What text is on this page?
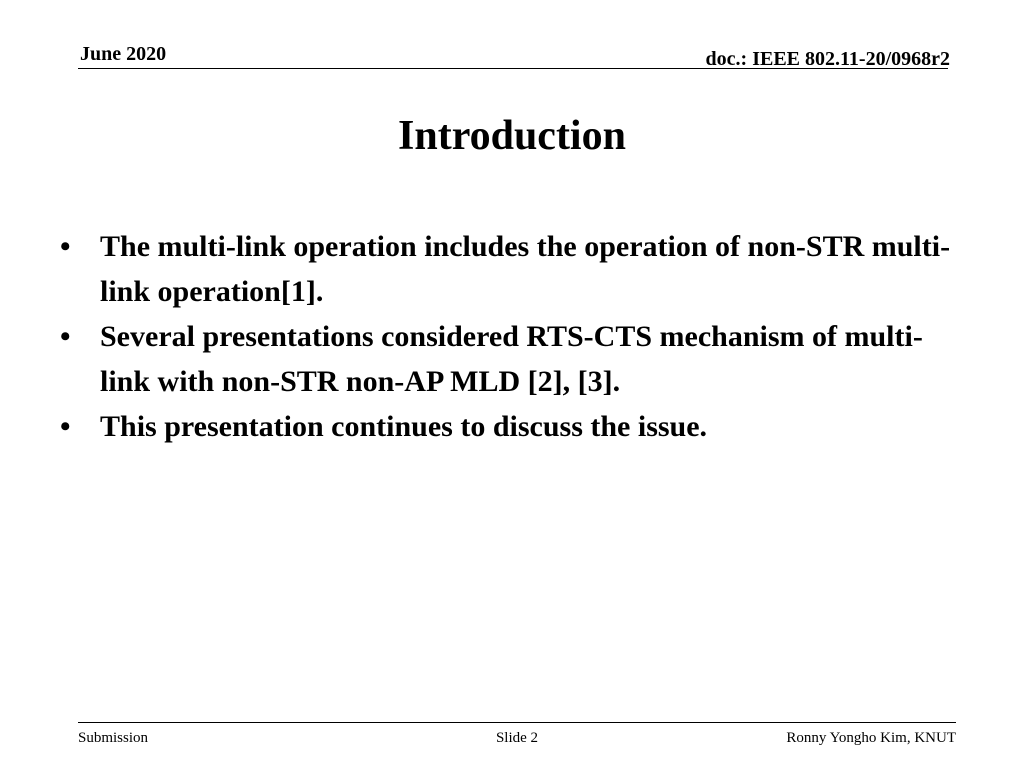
June 2020	doc.: IEEE 802.11-20/0968r2
Introduction
• The multi-link operation includes the operation of non-STR multi-link operation[1].
• Several presentations considered RTS-CTS mechanism of multi-link with non-STR non-AP MLD [2], [3].
• This presentation continues to discuss the issue.
Submission	Slide 2	Ronny Yongho Kim, KNUT
